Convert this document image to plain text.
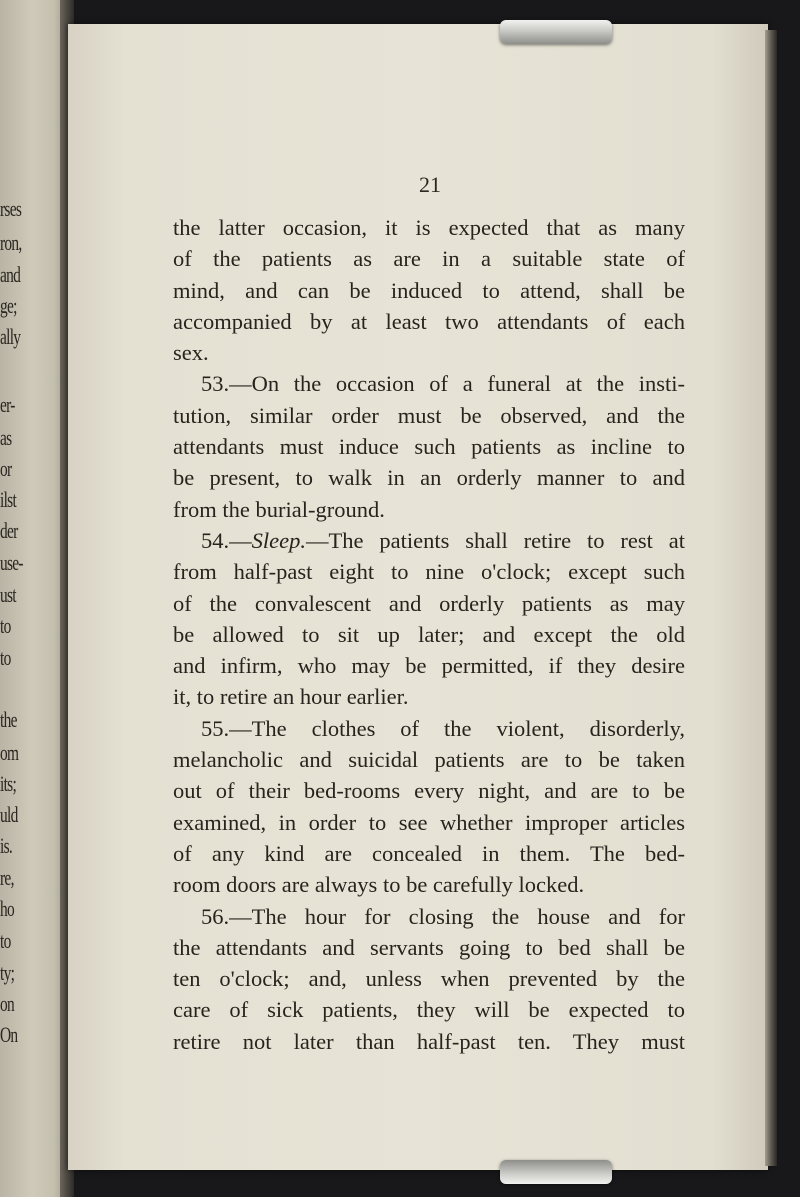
rses
ron,
and
ge;
ally
er-
as
or
ilst
der
use-
ust
to
to
the
om
its;
uld
is.
re,
ho
to
ty;
on
On
21
the latter occasion, it is expected that as many
of the patients as are in a suitable state of
mind, and can be induced to attend, shall be
accompanied by at least two attendants of each
sex.
53.—On the occasion of a funeral at the insti-
tution, similar order must be observed, and the
attendants must induce such patients as incline to
be present, to walk in an orderly manner to and
from the burial-ground.
54.—Sleep.—The patients shall retire to rest at
from half-past eight to nine o'clock; except such
of the convalescent and orderly patients as may
be allowed to sit up later; and except the old
and infirm, who may be permitted, if they desire
it, to retire an hour earlier.
55.—The clothes of the violent, disorderly,
melancholic and suicidal patients are to be taken
out of their bed-rooms every night, and are to be
examined, in order to see whether improper articles
of any kind are concealed in them. The bed-
room doors are always to be carefully locked.
56.—The hour for closing the house and for
the attendants and servants going to bed shall be
ten o'clock; and, unless when prevented by the
care of sick patients, they will be expected to
retire not later than half-past ten. They must
